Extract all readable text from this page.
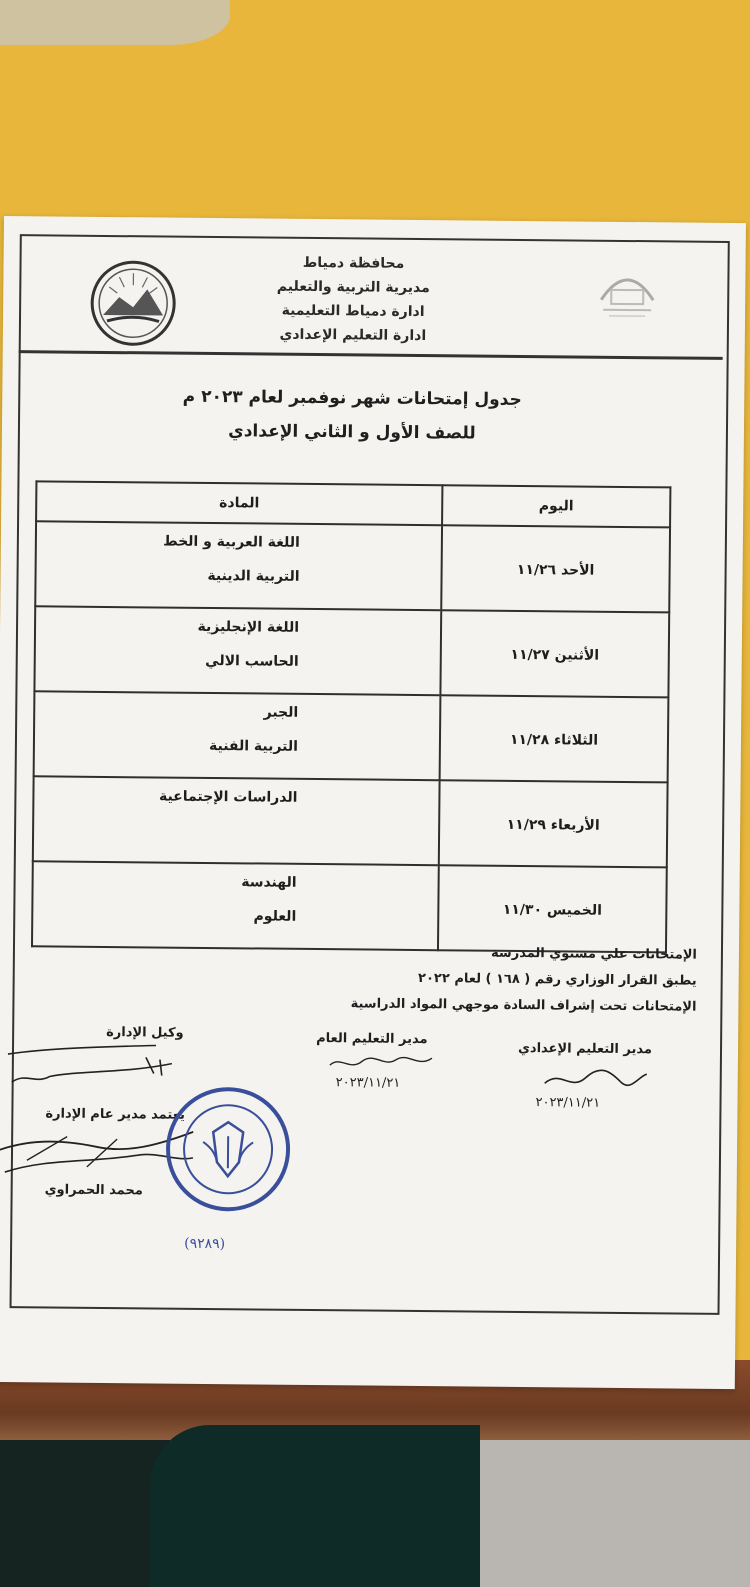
محافظة دمياط
مديرية التربية والتعليم
ادارة دمياط التعليمية
ادارة التعليم الإعدادي
جدول إمتحانات شهر نوفمبر لعام ٢٠٢٣ م
للصف الأول و الثاني الإعدادي
اليوم	المادة
الأحد ١١/٢٦	اللغة العربية و الخط
التربية الدينية

الأثنين ١١/٢٧	اللغة الإنجليزية
الحاسب الالي

الثلاثاء ١١/٢٨	الجبر
التربية الفنية

الأربعاء ١١/٢٩	الدراسات الإجتماعية

الخميس ١١/٣٠	الهندسة
العلوم
الإمتحانات علي مستوي المدرسة
يطبق القرار الوزاري رقم ( ١٦٨ ) لعام ٢٠٢٢
الإمتحانات تحت إشراف السادة موجهي المواد الدراسية
مدير التعليم الإعدادي
مدير التعليم العام
وكيل الإدارة
يعتمد مدير عام الإدارة
محمد الحمراوي
٢٠٢٣/١١/٢١
٢٠٢٣/١١/٢١
(٩٢٨٩)
